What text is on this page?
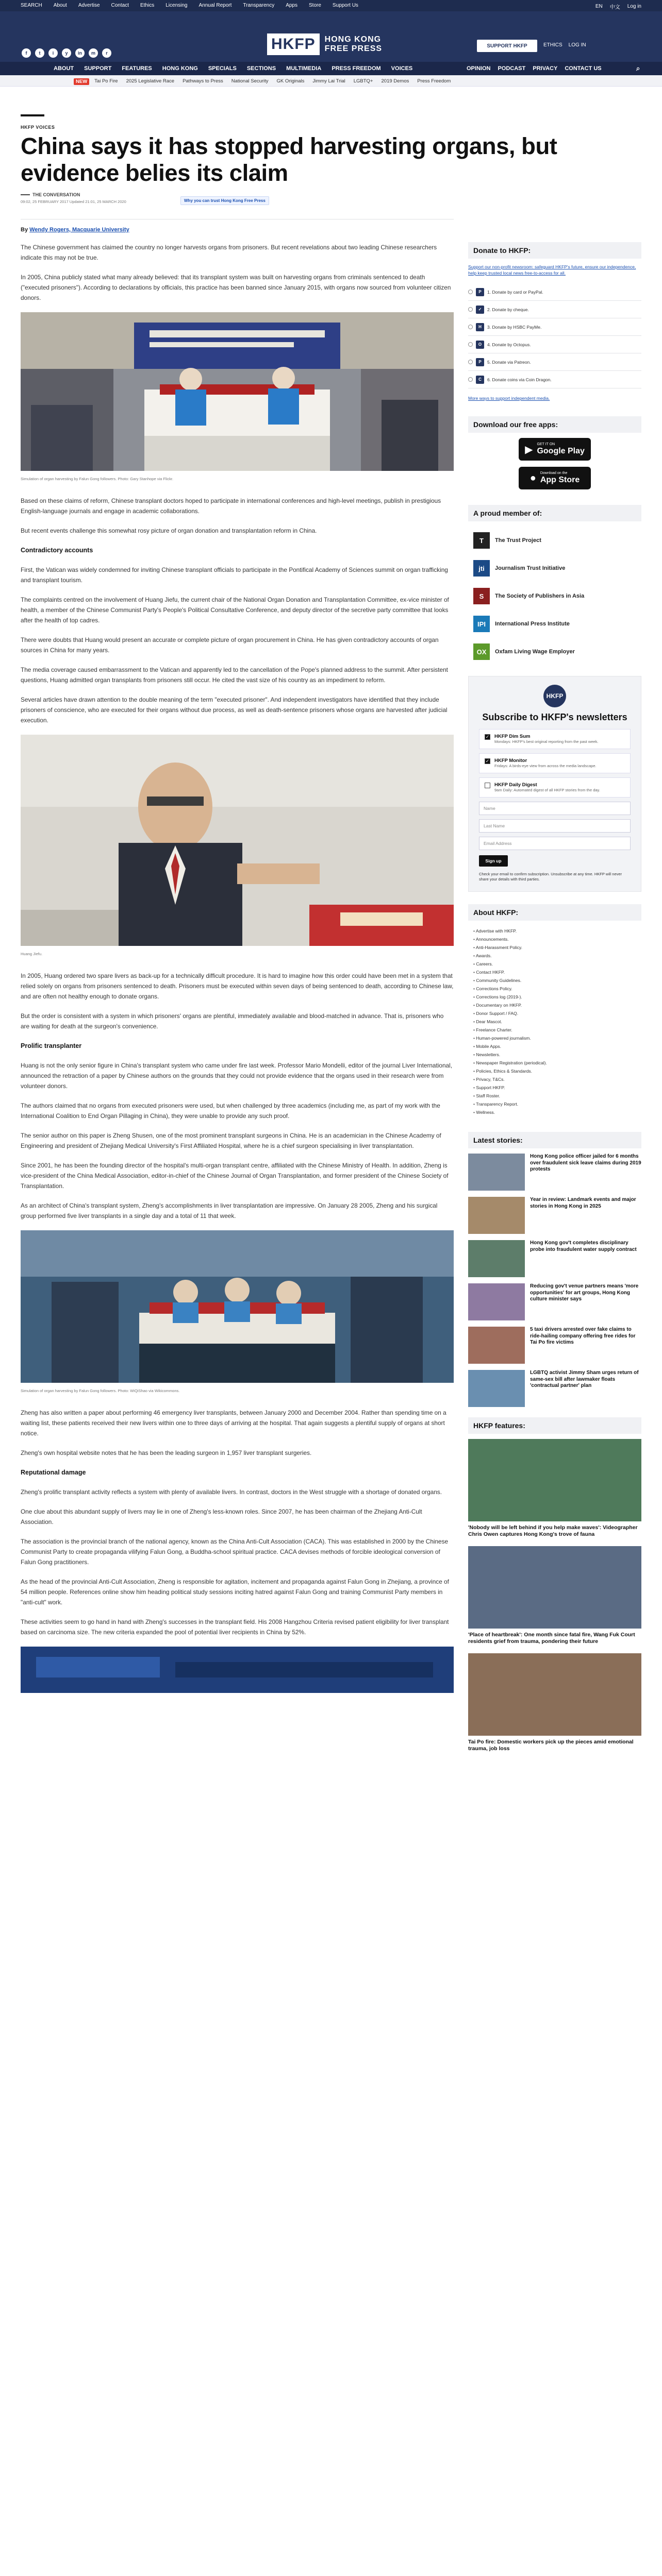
SEARCH About Advertise Contact Ethics Licensing Annual Report Transparency Apps Store Support Us	EN 中文 Log in
f	t	i	y	in	m	r
HKFP	HONG KONG
FREE PRESS	SUPPORT HKFP	ETHICS LOG IN
ABOUT SUPPORT FEATURES HONG KONG SPECIALS SECTIONS MULTIMEDIA PRESS FREEDOM VOICES	OPINION PODCAST PRIVACY CONTACT US	⌕
NEW	Tai Po Fire 2025 Legislative Race Pathways to Press National Security GK Originals Jimmy Lai Trial LGBTQ+ 2019 Demos Press Freedom
HKFP VOICES
China says it has stopped harvesting organs, but evidence belies its claim
THE CONVERSATION
09:02, 25 FEBRUARY 2017 Updated 21:01, 25 MARCH 2020	Why you can trust Hong Kong Free Press
By Wendy Rogers, Macquarie University

The Chinese government has claimed the country no longer harvests organs from prisoners. But recent revelations about two leading Chinese researchers indicate this may not be true.

In 2005, China publicly stated what many already believed: that its transplant system was built on harvesting organs from criminals sentenced to death ("executed prisoners"). According to declarations by officials, this practice has been banned since January 2015, with organs now sourced from volunteer citizen donors.

Simulation of organ harvesting by Falun Gong followers. Photo: Gary Stanhope via Flickr.

Based on these claims of reform, Chinese transplant doctors hoped to participate in international conferences and high-level meetings, publish in prestigious English-language journals and engage in academic collaborations.

But recent events challenge this somewhat rosy picture of organ donation and transplantation reform in China.

Contradictory accounts

First, the Vatican was widely condemned for inviting Chinese transplant officials to participate in the Pontifical Academy of Sciences summit on organ trafficking and transplant tourism.

The complaints centred on the involvement of Huang Jiefu, the current chair of the National Organ Donation and Transplantation Committee, ex-vice minister of health, a member of the Chinese Communist Party's People's Political Consultative Conference, and deputy director of the secretive party committee that looks after the health of top cadres.

There were doubts that Huang would present an accurate or complete picture of organ procurement in China. He has given contradictory accounts of organ sources in China for many years.

The media coverage caused embarrassment to the Vatican and apparently led to the cancellation of the Pope's planned address to the summit. After persistent questions, Huang admitted organ transplants from prisoners still occur. He cited the vast size of his country as an impediment to reform.

Several articles have drawn attention to the double meaning of the term "executed prisoner". And independent investigators have identified that they include prisoners of conscience, who are executed for their organs without due process, as well as death-sentence prisoners whose organs are harvested after judicial execution.

Huang Jiefu.

In 2005, Huang ordered two spare livers as back-up for a technically difficult procedure. It is hard to imagine how this order could have been met in a system that relied solely on organs from prisoners sentenced to death. Prisoners must be executed within seven days of being sentenced to death, according to Chinese law, and are often not healthy enough to donate organs.

But the order is consistent with a system in which prisoners' organs are plentiful, immediately available and blood-matched in advance. That is, prisoners who are waiting for death at the surgeon's convenience.

Prolific transplanter

Huang is not the only senior figure in China's transplant system who came under fire last week. Professor Mario Mondelli, editor of the journal Liver International, announced the retraction of a paper by Chinese authors on the grounds that they could not provide evidence that the organs used in their research were from volunteer donors.

The authors claimed that no organs from executed prisoners were used, but when challenged by three academics (including me, as part of my work with the International Coalition to End Organ Pillaging in China), they were unable to provide any such proof.

The senior author on this paper is Zheng Shusen, one of the most prominent transplant surgeons in China. He is an academician in the Chinese Academy of Engineering and president of Zhejiang Medical University's First Affiliated Hospital, where he is a chief surgeon specialising in liver transplantation.

Since 2001, he has been the founding director of the hospital's multi-organ transplant centre, affiliated with the Chinese Ministry of Health. In addition, Zheng is vice-president of the China Medical Association, editor-in-chief of the Chinese Journal of Organ Transplantation, and former president of the Chinese Society of Transplantation.

As an architect of China's transplant system, Zheng's accomplishments in liver transplantation are impressive. On January 28 2005, Zheng and his surgical group performed five liver transplants in a single day and a total of 11 that week.

Simulation of organ harvesting by Falun Gong followers. Photo: WiQiShao via Wikicommons.

Zheng has also written a paper about performing 46 emergency liver transplants, between January 2000 and December 2004. Rather than spending time on a waiting list, these patients received their new livers within one to three days of arriving at the hospital. That again suggests a plentiful supply of organs at short notice.

Zheng's own hospital website notes that he has been the leading surgeon in 1,957 liver transplant surgeries.

Reputational damage

Zheng's prolific transplant activity reflects a system with plenty of available livers. In contrast, doctors in the West struggle with a shortage of donated organs.

One clue about this abundant supply of livers may lie in one of Zheng's less-known roles. Since 2007, he has been chairman of the Zhejiang Anti-Cult Association.

The association is the provincial branch of the national agency, known as the China Anti-Cult Association (CACA). This was established in 2000 by the Chinese Communist Party to create propaganda vilifying Falun Gong, a Buddha-school spiritual practice. CACA devises methods of forcible ideological conversion of Falun Gong practitioners.

As the head of the provincial Anti-Cult Association, Zheng is responsible for agitation, incitement and propaganda against Falun Gong in Zhejiang, a province of 54 million people. References online show him heading political study sessions inciting hatred against Falun Gong and training Communist Party members in "anti-cult" work.

These activities seem to go hand in hand with Zheng's successes in the transplant field. His 2008 Hangzhou Criteria revised patient eligibility for liver transplant based on carcinoma size. The new criteria expanded the pool of potential liver recipients in China by 52%.

Donate to HKFP:
Support our non-profit newsroom: safeguard HKFP's future, ensure our independence, help keep trusted local news free-to-access for all.
P	1. Donate by card or PayPal.
✓	2. Donate by cheque.
H	3. Donate by HSBC PayMe.
O	4. Donate by Octopus.
P	5. Donate via Patreon.
C	6. Donate coins via Coin Dragon.
More ways to support independent media.
Download our free apps:
▶ GET IT ON
Google Play
● Download on the
App Store
A proud member of:
T	The Trust Project
jti	Journalism Trust Initiative
S	The Society of Publishers in Asia
IPI	International Press Institute
OX	Oxfam Living Wage Employer
HKFP
Subscribe to HKFP's newsletters
✓ HKFP Dim Sum
Mondays: HKFP's best original reporting from the past week.
✓ HKFP Monitor
Fridays: A birds-eye view from across the media landscape.
HKFP Daily Digest
9am Daily: Automated digest of all HKFP stories from the day.
Name
Last Name
Email Address
Sign up
Check your email to confirm subscription. Unsubscribe at any time. HKFP will never share your details with third parties.
About HKFP:
• Advertise with HKFP.
• Announcements.
• Anti-Harassment Policy.
• Awards.
• Careers.
• Contact HKFP.
• Community Guidelines.
• Corrections Policy.
• Corrections log (2019-).
• Documentary on HKFP.
• Donor Support / FAQ.
• Dear Mascot.
• Freelance Charter.
• Human-powered journalism.
• Mobile Apps.
• Newsletters.
• Newspaper Registration (periodical).
• Policies, Ethics & Standards.
• Privacy, T&Cs.
• Support HKFP.
• Staff Roster.
• Transparency Report.
• Wellness.
Latest stories:
Hong Kong police officer jailed for 6 months over fraudulent sick leave claims during 2019 protests
Year in review: Landmark events and major stories in Hong Kong in 2025
Hong Kong gov't completes disciplinary probe into fraudulent water supply contract
Reducing gov't venue partners means 'more opportunities' for art groups, Hong Kong culture minister says
5 taxi drivers arrested over fake claims to ride-hailing company offering free rides for Tai Po fire victims
LGBTQ activist Jimmy Sham urges return of same-sex bill after lawmaker floats 'contractual partner' plan
HKFP features:
'Nobody will be left behind if you help make waves': Videographer Chris Owen captures Hong Kong's trove of fauna
'Place of heartbreak': One month since fatal fire, Wang Fuk Court residents grief from trauma, pondering their future
Tai Po fire: Domestic workers pick up the pieces amid emotional trauma, job loss
